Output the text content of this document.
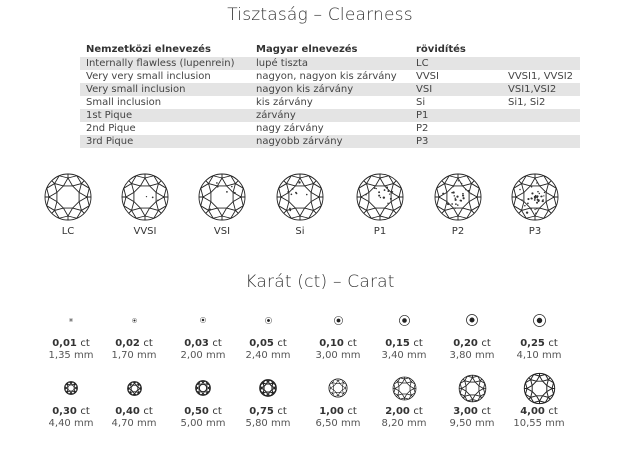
Tisztaság – Clearness
Nemzetközi elnevezés	Magyar elnevezés	rövidítés	
Internally flawless (lupenrein)	lupé tiszta	LC	
Very very small inclusion	nagyon, nagyon kis zárvány	VVSI	VVSI1, VVSI2
Very small inclusion	nagyon kis zárvány	VSI	VSI1,VSI2
Small inclusion	kis zárvány	Si	Si1, Si2
1st Pique	zárvány	P1	
2nd Pique	nagy zárvány	P2	
3rd Pique	nagyobb zárvány	P3	
LC	VVSI	VSI	Si	P1	P2	P3
Karát (ct) – Carat
0,01 ct
1,35 mm
0,02 ct
1,70 mm
0,03 ct
2,00 mm
0,05 ct
2,40 mm
0,10 ct
3,00 mm
0,15 ct
3,40 mm
0,20 ct
3,80 mm
0,25 ct
4,10 mm
0,30 ct
4,40 mm
0,40 ct
4,70 mm
0,50 ct
5,00 mm
0,75 ct
5,80 mm
1,00 ct
6,50 mm
2,00 ct
8,20 mm
3,00 ct
9,50 mm
4,00 ct
10,55 mm
